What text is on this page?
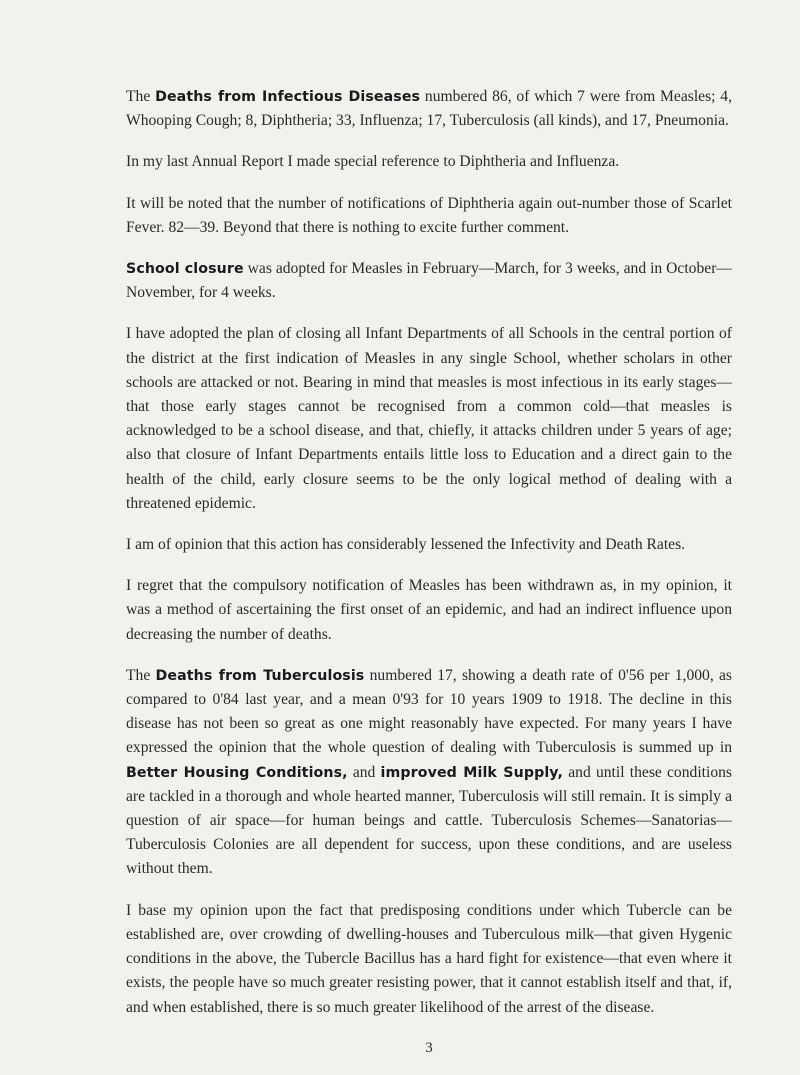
The Deaths from Infectious Diseases numbered 86, of which 7 were from Measles; 4, Whooping Cough; 8, Diphtheria; 33, Influenza; 17, Tuberculosis (all kinds), and 17, Pneumonia.

In my last Annual Report I made special reference to Diphtheria and Influenza.

It will be noted that the number of notifications of Diphtheria again out-number those of Scarlet Fever. 82—39. Beyond that there is nothing to excite further comment.

School closure was adopted for Measles in February—March, for 3 weeks, and in October—November, for 4 weeks.

I have adopted the plan of closing all Infant Departments of all Schools in the central portion of the district at the first indication of Measles in any single School, whether scholars in other schools are attacked or not. Bearing in mind that measles is most infectious in its early stages—that those early stages cannot be recognised from a common cold—that measles is acknowledged to be a school disease, and that, chiefly, it attacks children under 5 years of age; also that closure of Infant Departments entails little loss to Education and a direct gain to the health of the child, early closure seems to be the only logical method of dealing with a threatened epidemic.

I am of opinion that this action has considerably lessened the Infectivity and Death Rates.

I regret that the compulsory notification of Measles has been withdrawn as, in my opinion, it was a method of ascertaining the first onset of an epidemic, and had an indirect influence upon decreasing the number of deaths.

The Deaths from Tuberculosis numbered 17, showing a death rate of 0'56 per 1,000, as compared to 0'84 last year, and a mean 0'93 for 10 years 1909 to 1918. The decline in this disease has not been so great as one might reasonably have expected. For many years I have expressed the opinion that the whole question of dealing with Tuberculosis is summed up in Better Housing Conditions, and improved Milk Supply, and until these conditions are tackled in a thorough and whole hearted manner, Tuberculosis will still remain. It is simply a question of air space—for human beings and cattle. Tuberculosis Schemes—Sanatorias—Tuberculosis Colonies are all dependent for success, upon these conditions, and are useless without them.

I base my opinion upon the fact that predisposing conditions under which Tubercle can be established are, over crowding of dwelling-houses and Tuberculous milk—that given Hygenic conditions in the above, the Tubercle Bacillus has a hard fight for existence—that even where it exists, the people have so much greater resisting power, that it cannot establish itself and that, if, and when established, there is so much greater likelihood of the arrest of the disease.

3
